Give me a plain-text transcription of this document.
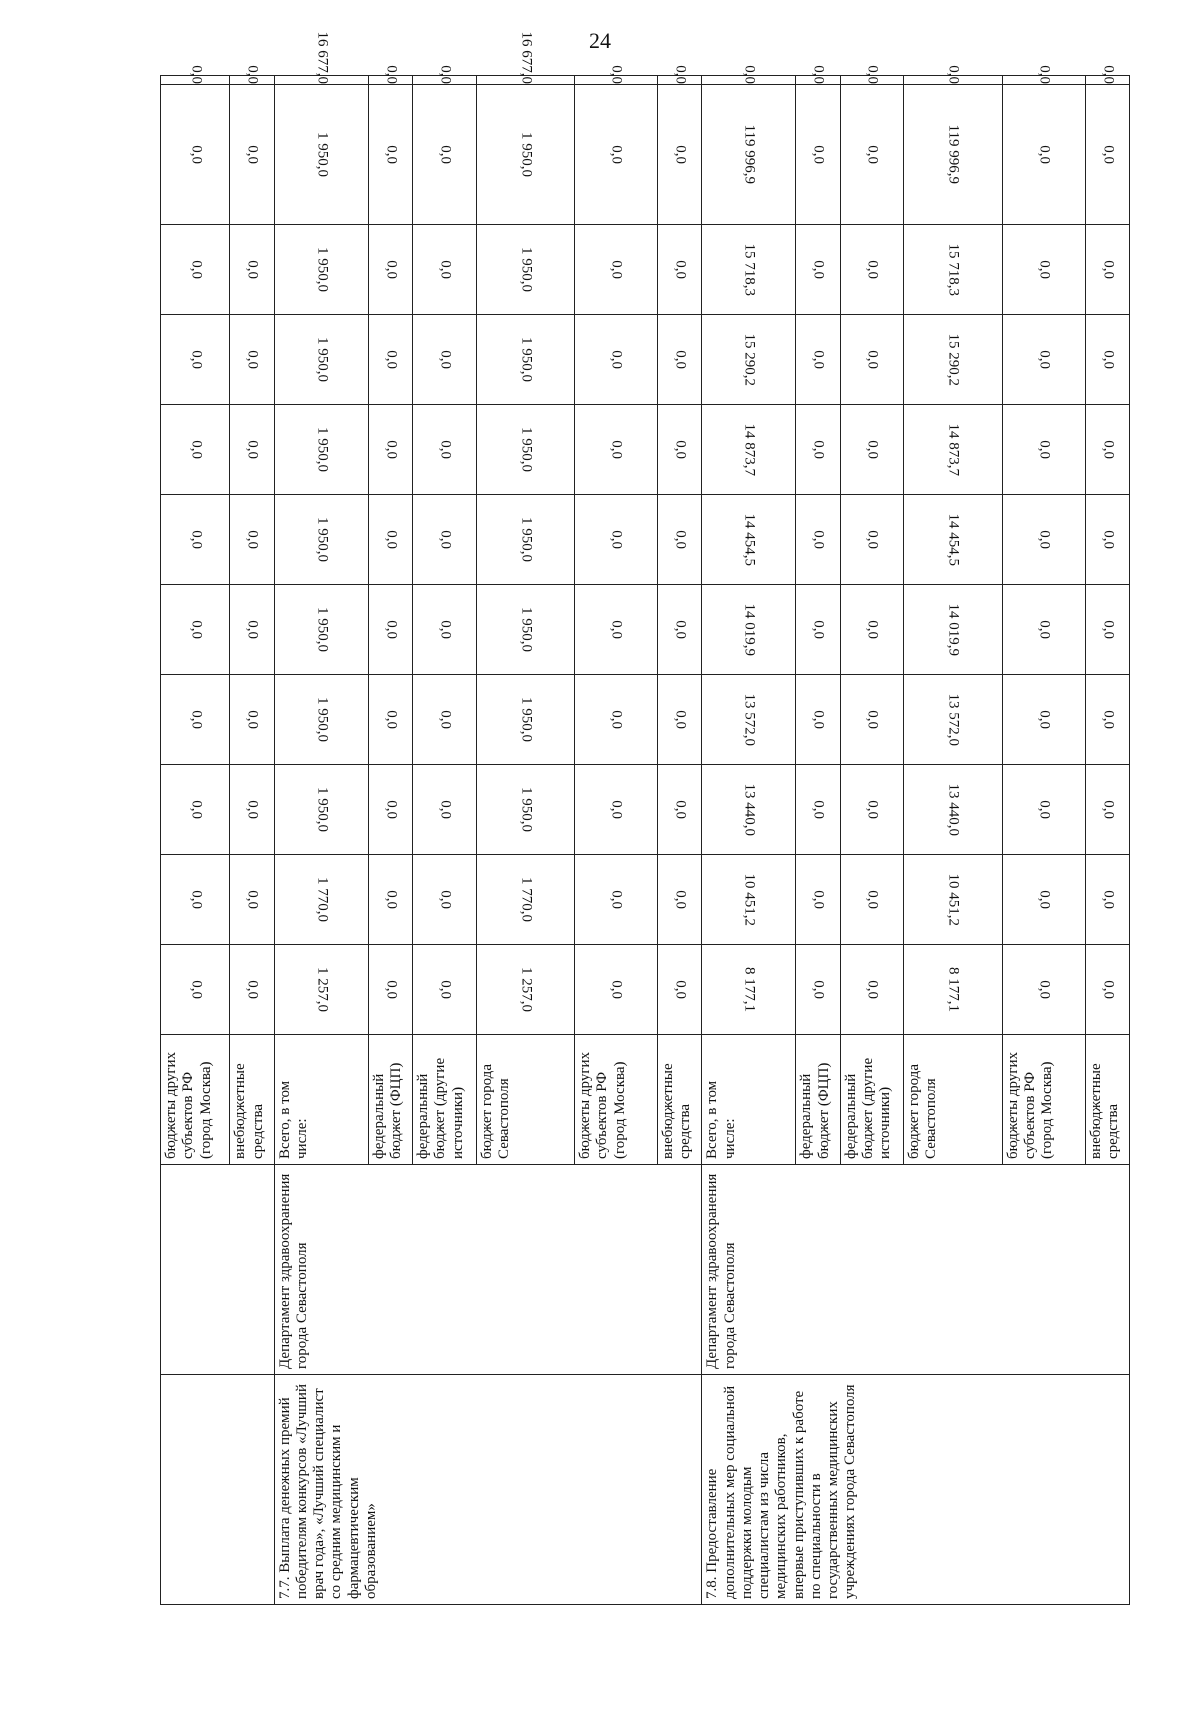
24
		бюджеты других субъектов РФ (город Москва)	0,0	0,0	0,0	0,0	0,0	0,0	0,0	0,0	0,0	0,0	0,0
		внебюджетные средства	0,0	0,0	0,0	0,0	0,0	0,0	0,0	0,0	0,0	0,0	0,0
7.7. Выплата денежных премий победителям конкурсов «Лучший врач года», «Лучший специалист со средним медицинским и фармацевтическим образованием»	Департамент здравоохранения города Севастополя	Всего, в том числе:	1 257,0	1 770,0	1 950,0	1 950,0	1 950,0	1 950,0	1 950,0	1 950,0	1 950,0	1 950,0	16 677,0
		федеральный бюджет (ФЦП)	0,0	0,0	0,0	0,0	0,0	0,0	0,0	0,0	0,0	0,0	0,0
		федеральный бюджет (другие источники)	0,0	0,0	0,0	0,0	0,0	0,0	0,0	0,0	0,0	0,0	0,0
		бюджет города Севастополя	1 257,0	1 770,0	1 950,0	1 950,0	1 950,0	1 950,0	1 950,0	1 950,0	1 950,0	1 950,0	16 677,0
		бюджеты других субъектов РФ (город Москва)	0,0	0,0	0,0	0,0	0,0	0,0	0,0	0,0	0,0	0,0	0,0
		внебюджетные средства	0,0	0,0	0,0	0,0	0,0	0,0	0,0	0,0	0,0	0,0	0,0
7.8. Предоставление дополнительных мер социальной поддержки молодым специалистам из числа медицинских работников, впервые приступивших к работе по специальности в государственных медицинских учреждениях города Севастополя	Департамент здравоохранения города Севастополя	Всего, в том числе:	8 177,1	10 451,2	13 440,0	13 572,0	14 019,9	14 454,5	14 873,7	15 290,2	15 718,3	119 996,9	0,0
		федеральный бюджет (ФЦП)	0,0	0,0	0,0	0,0	0,0	0,0	0,0	0,0	0,0	0,0	0,0
		федеральный бюджет (другие источники)	0,0	0,0	0,0	0,0	0,0	0,0	0,0	0,0	0,0	0,0	0,0
		бюджет города Севастополя	8 177,1	10 451,2	13 440,0	13 572,0	14 019,9	14 454,5	14 873,7	15 290,2	15 718,3	119 996,9	0,0
		бюджеты других субъектов РФ (город Москва)	0,0	0,0	0,0	0,0	0,0	0,0	0,0	0,0	0,0	0,0	0,0
		внебюджетные средства	0,0	0,0	0,0	0,0	0,0	0,0	0,0	0,0	0,0	0,0	0,0
